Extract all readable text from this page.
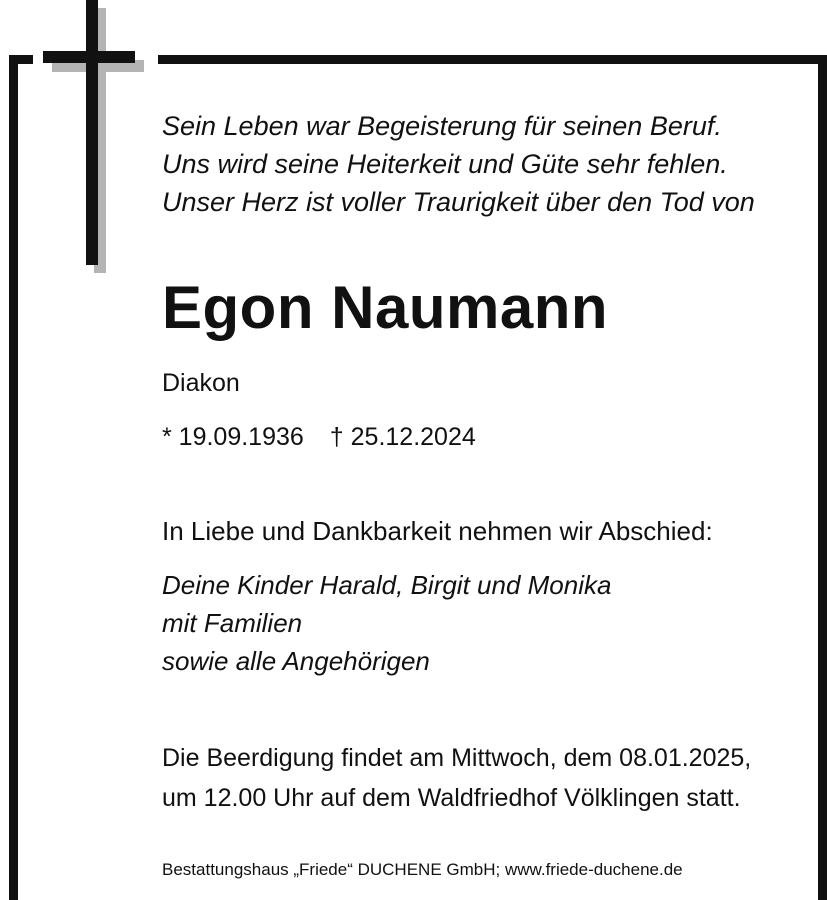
Sein Leben war Begeisterung für seinen Beruf.
Uns wird seine Heiterkeit und Güte sehr fehlen.
Unser Herz ist voller Traurigkeit über den Tod von
Egon Naumann
Diakon
* 19.09.1936 † 25.12.2024
In Liebe und Dankbarkeit nehmen wir Abschied:
Deine Kinder Harald, Birgit und Monika
mit Familien
sowie alle Angehörigen
Die Beerdigung findet am Mittwoch, dem 08.01.2025,
um 12.00 Uhr auf dem Waldfriedhof Völklingen statt.
Bestattungshaus „Friede“ DUCHENE GmbH; www.friede-duchene.de
